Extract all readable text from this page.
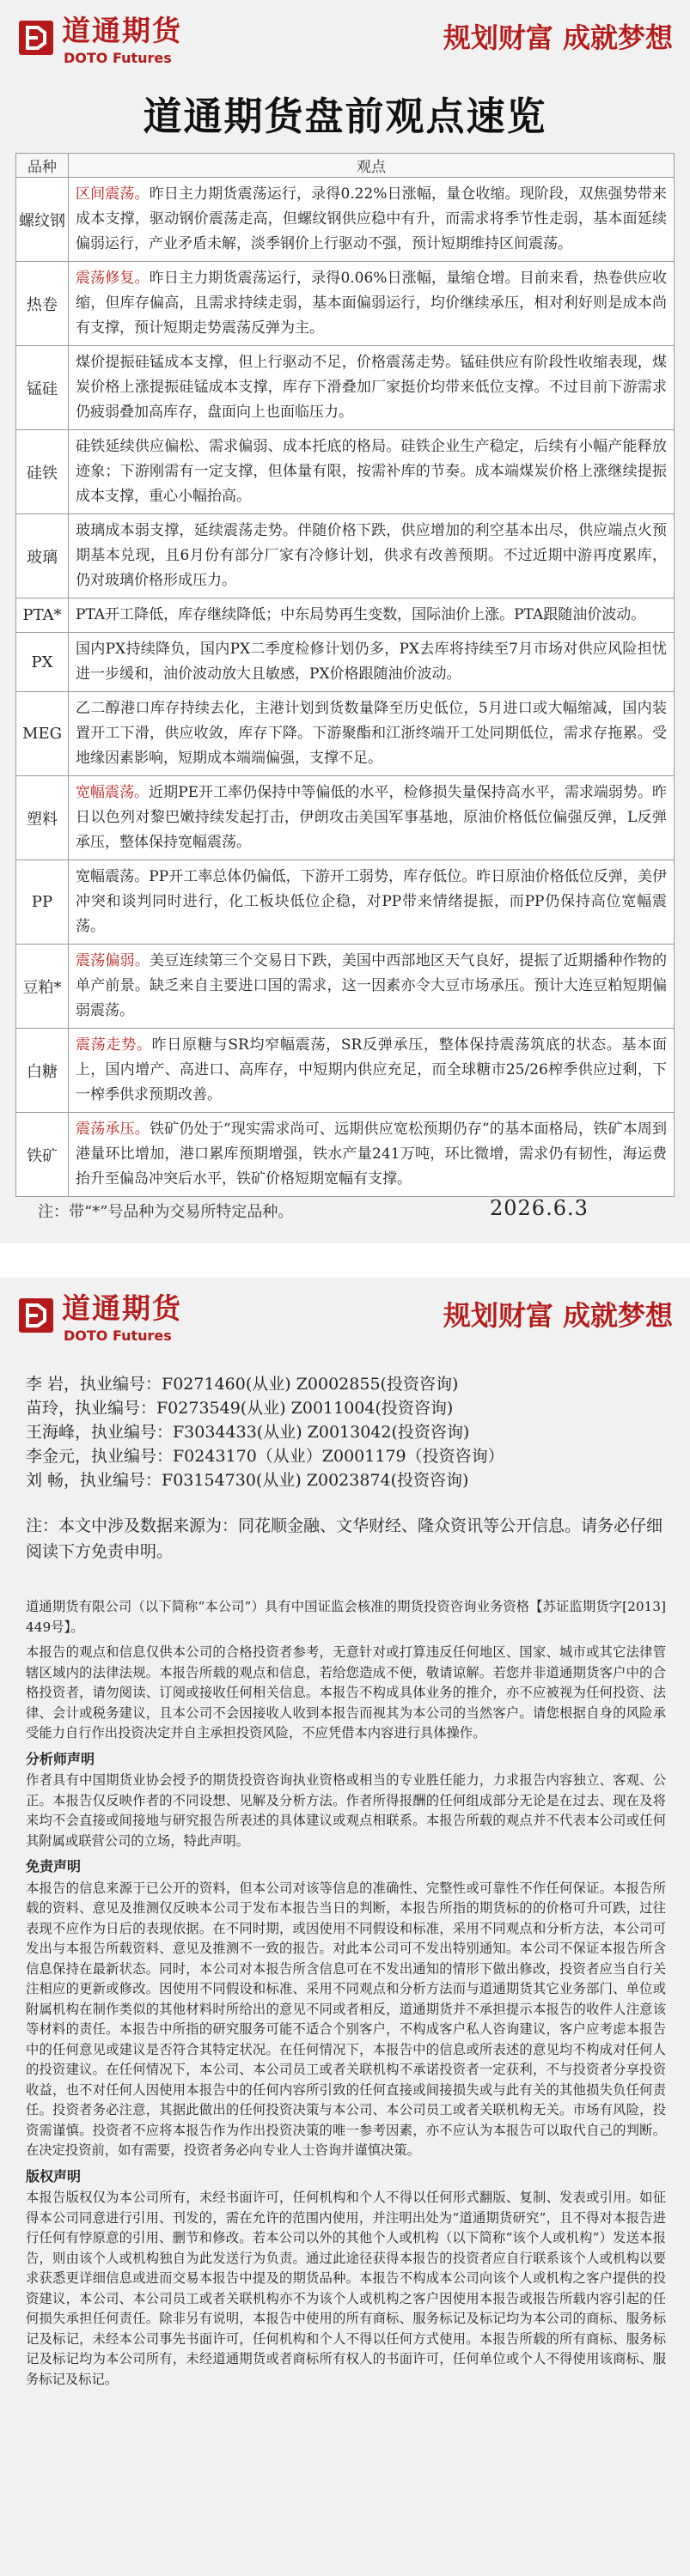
道通期货
DOTO Futures
规划财富 成就梦想
道通期货盘前观点速览
品种	观点
螺纹钢	区间震荡。昨日主力期货震荡运行，录得0.22%日涨幅，量仓收缩。现阶段，双焦强势带来成本支撑，驱动钢价震荡走高，但螺纹钢供应稳中有升，而需求将季节性走弱，基本面延续偏弱运行，产业矛盾未解，淡季钢价上行驱动不强，预计短期维持区间震荡。
热卷	震荡修复。昨日主力期货震荡运行，录得0.06%日涨幅，量缩仓增。目前来看，热卷供应收缩，但库存偏高，且需求持续走弱，基本面偏弱运行，均价继续承压，相对利好则是成本尚有支撑，预计短期走势震荡反弹为主。
锰硅	煤价提振硅锰成本支撑，但上行驱动不足，价格震荡走势。锰硅供应有阶段性收缩表现，煤炭价格上涨提振硅锰成本支撑，库存下滑叠加厂家挺价均带来低位支撑。不过目前下游需求仍疲弱叠加高库存，盘面向上也面临压力。
硅铁	硅铁延续供应偏松、需求偏弱、成本托底的格局。硅铁企业生产稳定，后续有小幅产能释放迹象；下游刚需有一定支撑，但体量有限，按需补库的节奏。成本端煤炭价格上涨继续提振成本支撑，重心小幅抬高。
玻璃	玻璃成本弱支撑，延续震荡走势。伴随价格下跌，供应增加的利空基本出尽，供应端点火预期基本兑现，且6月份有部分厂家有冷修计划，供求有改善预期。不过近期中游再度累库，仍对玻璃价格形成压力。
PTA*	PTA开工降低，库存继续降低；中东局势再生变数，国际油价上涨。PTA跟随油价波动。
PX	国内PX持续降负，国内PX二季度检修计划仍多，PX去库将持续至7月市场对供应风险担忧进一步缓和，油价波动放大且敏感，PX价格跟随油价波动。
MEG	乙二醇港口库存持续去化，主港计划到货数量降至历史低位，5月进口或大幅缩减，国内装置开工下滑，供应收敛，库存下降。下游聚酯和江浙终端开工处同期低位，需求存拖累。受地缘因素影响，短期成本端端偏强，支撑不足。
塑料	宽幅震荡。近期PE开工率仍保持中等偏低的水平，检修损失量保持高水平，需求端弱势。昨日以色列对黎巴嫩持续发起打击，伊朗攻击美国军事基地，原油价格低位偏强反弹，L反弹承压，整体保持宽幅震荡。
PP	宽幅震荡。PP开工率总体仍偏低，下游开工弱势，库存低位。昨日原油价格低位反弹，美伊冲突和谈判同时进行，化工板块低位企稳，对PP带来情绪提振，而PP仍保持高位宽幅震荡。
豆粕*	震荡偏弱。美豆连续第三个交易日下跌，美国中西部地区天气良好，提振了近期播种作物的单产前景。缺乏来自主要进口国的需求，这一因素亦令大豆市场承压。预计大连豆粕短期偏弱震荡。
白糖	震荡走势。昨日原糖与SR均窄幅震荡，SR反弹承压，整体保持震荡筑底的状态。基本面上，国内增产、高进口、高库存，中短期内供应充足，而全球糖市25/26榨季供应过剩，下一榨季供求预期改善。
铁矿	震荡承压。铁矿仍处于“现实需求尚可、远期供应宽松预期仍存”的基本面格局，铁矿本周到港量环比增加，港口累库预期增强，铁水产量241万吨，环比微增，需求仍有韧性，海运费抬升至偏岛冲突后水平，铁矿价格短期宽幅有支撑。
注：带“*”号品种为交易所特定品种。	2026.6.3
道通期货
DOTO Futures
规划财富 成就梦想
李 岩，执业编号：F0271460(从业) Z0002855(投资咨询)
苗玲，执业编号：F0273549(从业) Z0011004(投资咨询)
王海峰，执业编号：F3034433(从业) Z0013042(投资咨询)
李金元，执业编号：F0243170（从业）Z0001179（投资咨询）
刘 畅，执业编号：F03154730(从业) Z0023874(投资咨询)
注：本文中涉及数据来源为：同花顺金融、文华财经、隆众资讯等公开信息。请务必仔细阅读下方免责申明。

道通期货有限公司（以下简称“本公司”）具有中国证监会核准的期货投资咨询业务资格【苏证监期货字[2013] 449号】。

本报告的观点和信息仅供本公司的合格投资者参考，无意针对或打算违反任何地区、国家、城市或其它法律管辖区域内的法律法规。本报告所载的观点和信息，若给您造成不便，敬请谅解。若您并非道通期货客户中的合格投资者，请勿阅读、订阅或接收任何相关信息。本报告不构成具体业务的推介，亦不应被视为任何投资、法律、会计或税务建议，且本公司不会因接收人收到本报告而视其为本公司的当然客户。请您根据自身的风险承受能力自行作出投资决定并自主承担投资风险，不应凭借本内容进行具体操作。

分析师声明

作者具有中国期货业协会授予的期货投资咨询执业资格或相当的专业胜任能力，力求报告内容独立、客观、公正。本报告仅反映作者的不同设想、见解及分析方法。作者所得报酬的任何组成部分无论是在过去、现在及将来均不会直接或间接地与研究报告所表述的具体建议或观点相联系。本报告所载的观点并不代表本公司或任何其附属或联营公司的立场，特此声明。

免责声明

本报告的信息来源于已公开的资料，但本公司对该等信息的准确性、完整性或可靠性不作任何保证。本报告所载的资料、意见及推测仅反映本公司于发布本报告当日的判断，本报告所指的期货标的的价格可升可跌，过往表现不应作为日后的表现依据。在不同时期，或因使用不同假设和标准，采用不同观点和分析方法，本公司可发出与本报告所载资料、意见及推测不一致的报告。对此本公司可不发出特别通知。本公司不保证本报告所含信息保持在最新状态。同时，本公司对本报告所含信息可在不发出通知的情形下做出修改，投资者应当自行关注相应的更新或修改。因使用不同假设和标准、采用不同观点和分析方法而与道通期货其它业务部门、单位或附属机构在制作类似的其他材料时所给出的意见不同或者相反，道通期货并不承担提示本报告的收件人注意该等材料的责任。本报告中所指的研究服务可能不适合个别客户，不构成客户私人咨询建议，客户应考虑本报告中的任何意见或建议是否符合其特定状况。在任何情况下，本报告中的信息或所表述的意见均不构成对任何人的投资建议。在任何情况下，本公司、本公司员工或者关联机构不承诺投资者一定获利，不与投资者分享投资收益，也不对任何人因使用本报告中的任何内容所引致的任何直接或间接损失或与此有关的其他损失负任何责任。投资者务必注意，其据此做出的任何投资决策与本公司、本公司员工或者关联机构无关。市场有风险，投资需谨慎。投资者不应将本报告作为作出投资决策的唯一参考因素，亦不应认为本报告可以取代自己的判断。在决定投资前，如有需要，投资者务必向专业人士咨询并谨慎决策。

版权声明

本报告版权仅为本公司所有，未经书面许可，任何机构和个人不得以任何形式翻版、复制、发表或引用。如征得本公司同意进行引用、刊发的，需在允许的范围内使用，并注明出处为“道通期货研究”，且不得对本报告进行任何有悖原意的引用、删节和修改。若本公司以外的其他个人或机构（以下简称“该个人或机构”）发送本报告，则由该个人或机构独自为此发送行为负责。通过此途径获得本报告的投资者应自行联系该个人或机构以要求获悉更详细信息或进而交易本报告中提及的期货品种。本报告不构成本公司向该个人或机构之客户提供的投资建议，本公司、本公司员工或者关联机构亦不为该个人或机构之客户因使用本报告或报告所载内容引起的任何损失承担任何责任。除非另有说明，本报告中使用的所有商标、服务标记及标记均为本公司的商标、服务标记及标记，未经本公司事先书面许可，任何机构和个人不得以任何方式使用。本报告所载的所有商标、服务标记及标记均为本公司所有，未经道通期货或者商标所有权人的书面许可，任何单位或个人不得使用该商标、服务标记及标记。
